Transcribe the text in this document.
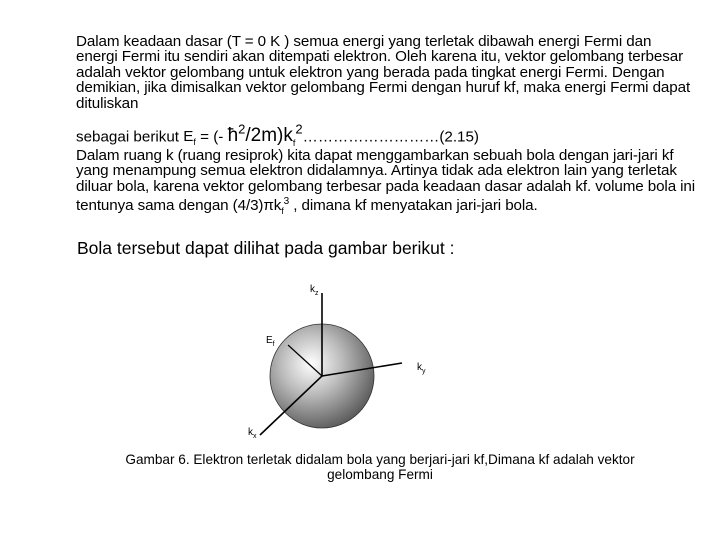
Dalam keadaan dasar (T = 0 K ) semua energi yang terletak dibawah energi Fermi dan energi Fermi itu sendiri akan ditempati elektron. Oleh karena itu, vektor gelombang terbesar adalah vektor gelombang untuk elektron yang berada pada tingkat energi Fermi. Dengan demikian, jika dimisalkan vektor gelombang Fermi dengan huruf kf, maka energi Fermi dapat dituliskan
sebagai berikut $E_f$ = (- $ħ^2/2m)k_f^2\dots\dots\dots\dots\dots\dots\dots\dots\dots(2.15)$
Dalam ruang k (ruang resiprok) kita dapat menggambarkan sebuah bola dengan jari-jari kf yang menampung semua elektron didalamnya. Artinya tidak ada elektron lain yang terletak diluar bola, karena vektor gelombang terbesar pada keadaan dasar adalah kf. volume bola ini tentunya sama dengan $(4/3)\pi k_f^3$ , dimana kf menyatakan jari-jari bola.
Bola tersebut dapat dilihat pada gambar berikut :
$k_z$
$E_f$
$k_y$
$k_x$
Gambar 6. Elektron terletak didalam bola yang berjari-jari kf,Dimana kf adalah vektor gelombang Fermi
